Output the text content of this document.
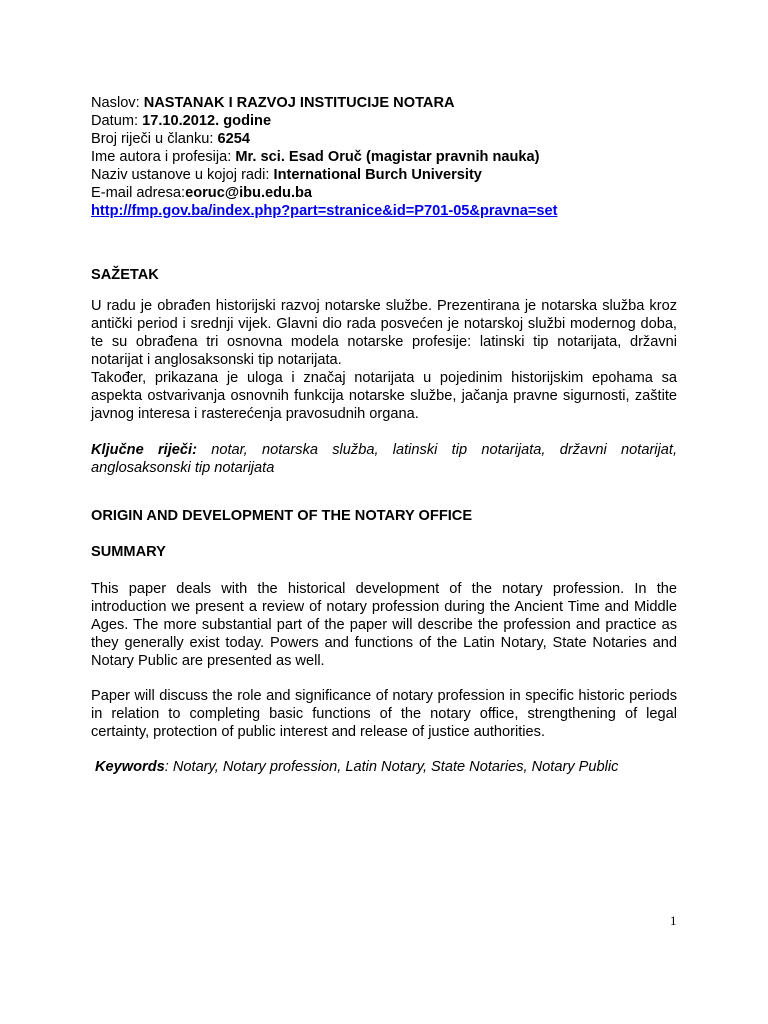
Naslov: NASTANAK I RAZVOJ INSTITUCIJE NOTARA
Datum: 17.10.2012. godine
Broj riječi u članku: 6254
Ime autora i profesija: Mr. sci. Esad Oruč (magistar pravnih nauka)
Naziv ustanove u kojoj radi: International Burch University
E-mail adresa:eoruc@ibu.edu.ba
http://fmp.gov.ba/index.php?part=stranice&id=P701-05&pravna=set
SAŽETAK

U radu je obrađen historijski razvoj notarske službe. Prezentirana je notarska služba kroz antički period i srednji vijek. Glavni dio rada posvećen je notarskoj službi modernog doba, te su obrađena tri osnovna modela notarske profesije: latinski tip notarijata, državni notarijat i anglosaksonski tip notarijata.

Također, prikazana je uloga i značaj notarijata u pojedinim historijskim epohama sa aspekta ostvarivanja osnovnih funkcija notarske službe, jačanja pravne sigurnosti, zaštite javnog interesa i rasterećenja pravosudnih organa.

Ključne riječi: notar, notarska služba, latinski tip notarijata, državni notarijat, anglosaksonski tip notarijata

ORIGIN AND DEVELOPMENT OF THE NOTARY OFFICE
SUMMARY

This paper deals with the historical development of the notary profession. In the introduction we present a review of notary profession during the Ancient Time and Middle Ages. The more substantial part of the paper will describe the profession and practice as they generally exist today. Powers and functions of the Latin Notary, State Notaries and Notary Public are presented as well.

Paper will discuss the role and significance of notary profession in specific historic periods in relation to completing basic functions of the notary office, strengthening of legal certainty, protection of public interest and release of justice authorities.

Keywords: Notary, Notary profession, Latin Notary, State Notaries, Notary Public

1
